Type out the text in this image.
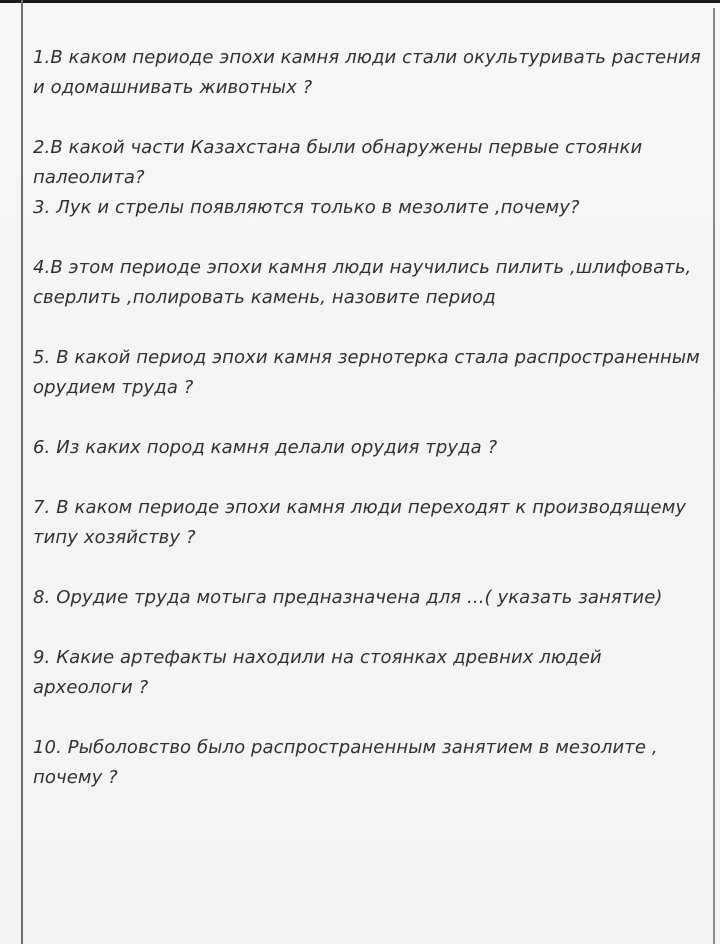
1.В каком периоде эпохи камня люди стали окультуривать растения и одомашнивать животных ?

2.В какой части Казахстана были обнаружены первые стоянки палеолита?

3. Лук и стрелы появляются только в мезолите ,почему?

4.В этом периоде эпохи камня люди научились пилить ,шлифовать, сверлить ,полировать камень, назовите период

5. В какой период эпохи камня зернотерка стала распространенным орудием труда ?

6. Из каких пород камня делали орудия труда ?

7. В каком периоде эпохи камня люди переходят к производящему типу хозяйству ?

8. Орудие труда мотыга предназначена для ...( указать занятие)

9. Какие артефакты находили на стоянках древних людей археологи ?

10. Рыболовство было распространенным занятием в мезолите , почему ?
